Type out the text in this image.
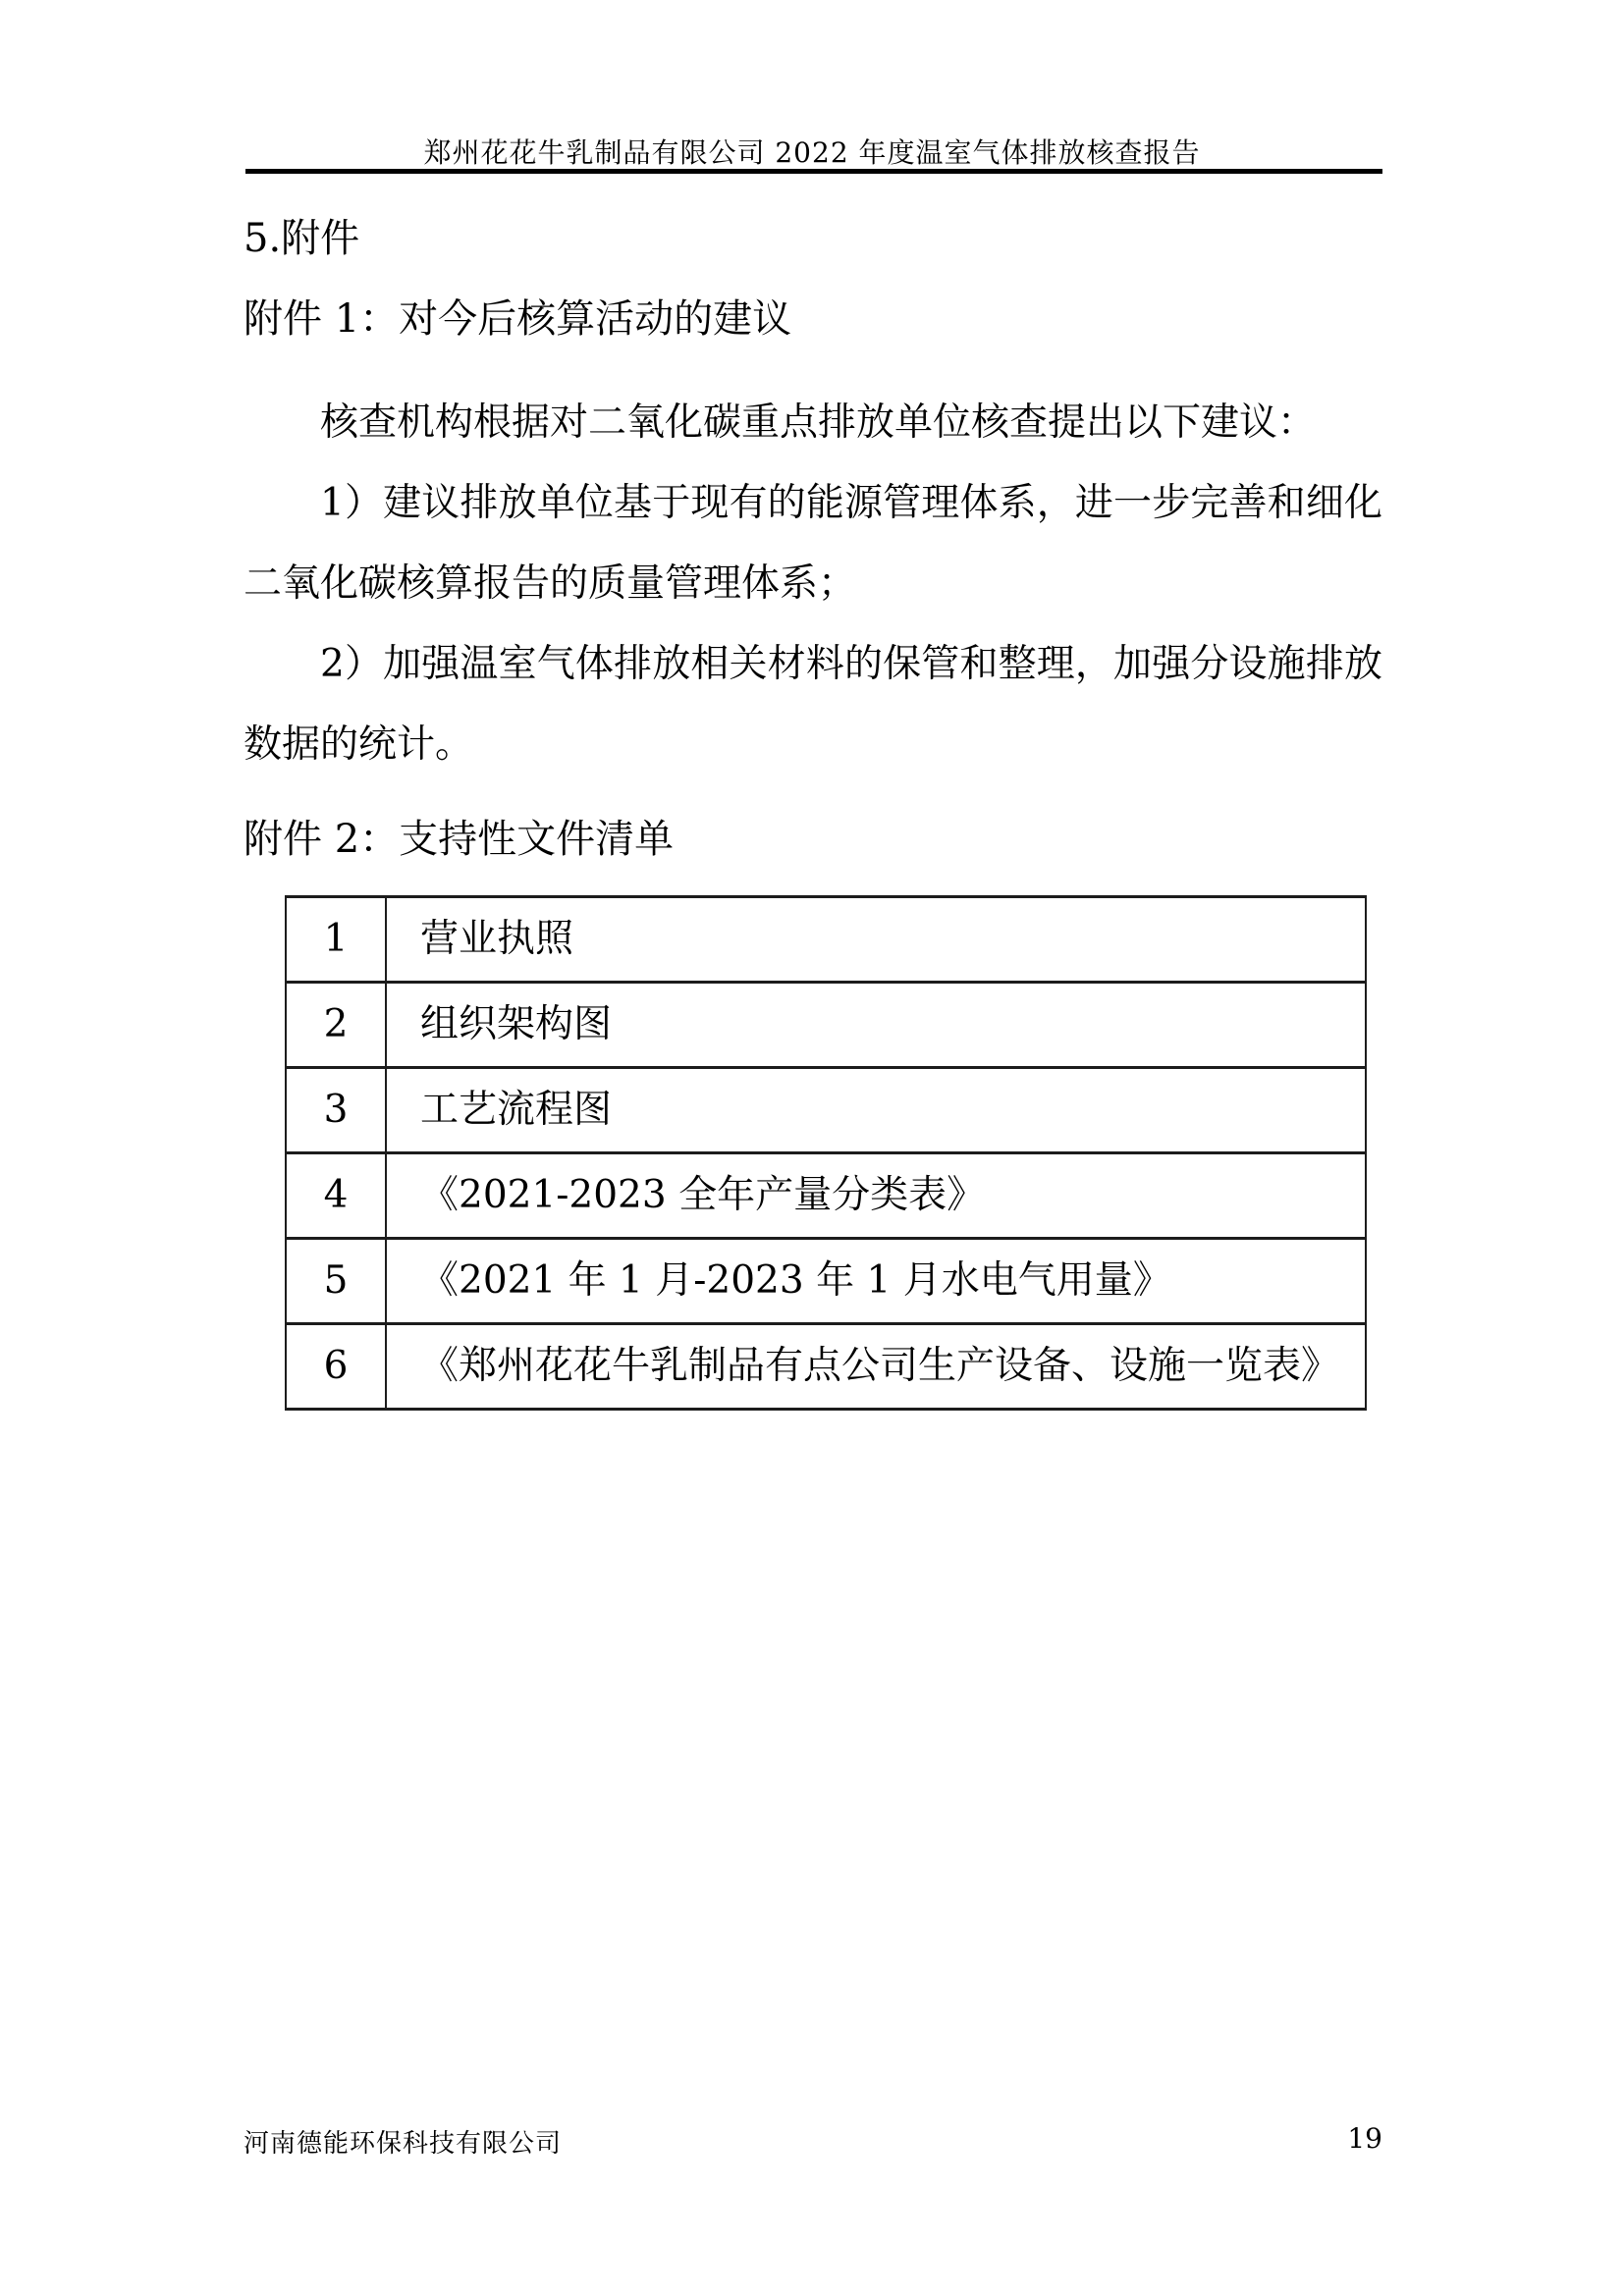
郑州花花牛乳制品有限公司 2022 年度温室气体排放核查报告
5.附件
附件 1：对今后核算活动的建议

核查机构根据对二氧化碳重点排放单位核查提出以下建议：

1）建议排放单位基于现有的能源管理体系，进一步完善和细化二氧化碳核算报告的质量管理体系；

2）加强温室气体排放相关材料的保管和整理，加强分设施排放数据的统计。

附件 2：支持性文件清单
1	营业执照
2	组织架构图
3	工艺流程图
4	《2021-2023 全年产量分类表》
5	《2021 年 1 月-2023 年 1 月水电气用量》
6	《郑州花花牛乳制品有点公司生产设备、设施一览表》
河南德能环保科技有限公司	19
